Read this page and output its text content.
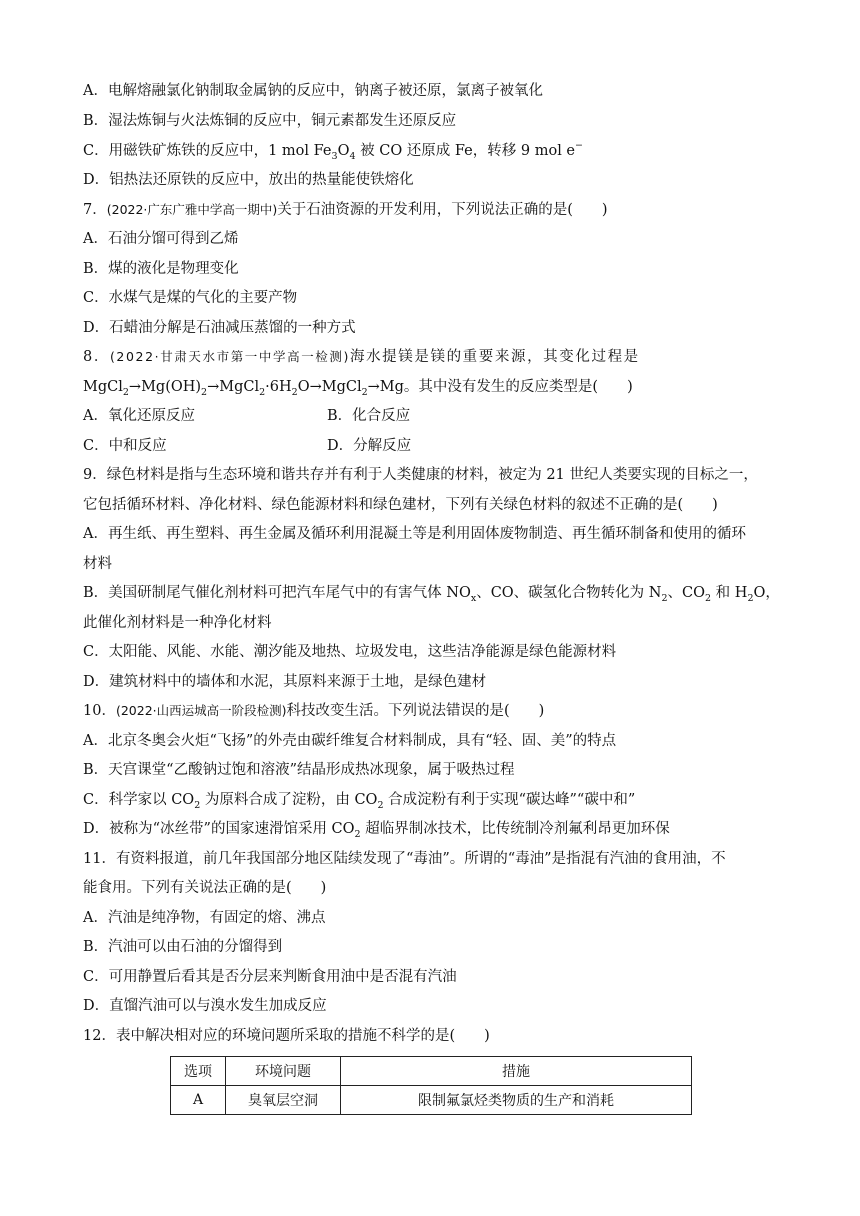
A．电解熔融氯化钠制取金属钠的反应中，钠离子被还原，氯离子被氧化
B．湿法炼铜与火法炼铜的反应中，铜元素都发生还原反应
C．用磁铁矿炼铁的反应中，1 mol $Fe_3O_4$ 被 CO 还原成 Fe，转移 9 mol e−
D．铝热法还原铁的反应中，放出的热量能使铁熔化
7．(2022·广东广雅中学高一期中)关于石油资源的开发利用，下列说法正确的是(　　)
A．石油分馏可得到乙烯
B．煤的液化是物理变化
C．水煤气是煤的气化的主要产物
D．石蜡油分解是石油减压蒸馏的一种方式
8．(2022·甘肃天水市第一中学高一检测)海水提镁是镁的重要来源，其变化过程是
$MgCl_2\to Mg(OH)_2\to MgCl_2\cdot 6H_2O\to MgCl_2\to Mg$。其中没有发生的反应类型是(　　)
A．氧化还原反应	B．化合反应
C．中和反应	D．分解反应
9．绿色材料是指与生态环境和谐共存并有利于人类健康的材料，被定为 21 世纪人类要实现的目标之一，
它包括循环材料、净化材料、绿色能源材料和绿色建材，下列有关绿色材料的叙述不正确的是(　　)
A．再生纸、再生塑料、再生金属及循环利用混凝土等是利用固体废物制造、再生循环制备和使用的循环
材料
B．美国研制尾气催化剂材料可把汽车尾气中的有害气体 $NO_x$、CO、碳氢化合物转化为 $N_2$、$CO_2$ 和 $H_2O$，
此催化剂材料是一种净化材料
C．太阳能、风能、水能、潮汐能及地热、垃圾发电，这些洁净能源是绿色能源材料
D．建筑材料中的墙体和水泥，其原料来源于土地，是绿色建材
10．(2022·山西运城高一阶段检测)科技改变生活。下列说法错误的是(　　)
A．北京冬奥会火炬“飞扬”的外壳由碳纤维复合材料制成，具有“轻、固、美”的特点
B．天宫课堂“乙酸钠过饱和溶液”结晶形成热冰现象，属于吸热过程
C．科学家以 $CO_2$ 为原料合成了淀粉，由 $CO_2$ 合成淀粉有利于实现“碳达峰”“碳中和”
D．被称为“冰丝带”的国家速滑馆采用 $CO_2$ 超临界制冰技术，比传统制冷剂氟利昂更加环保
11．有资料报道，前几年我国部分地区陆续发现了“毒油”。所谓的“毒油”是指混有汽油的食用油，不
能食用。下列有关说法正确的是(　　)
A．汽油是纯净物，有固定的熔、沸点
B．汽油可以由石油的分馏得到
C．可用静置后看其是否分层来判断食用油中是否混有汽油
D．直馏汽油可以与溴水发生加成反应
12．表中解决相对应的环境问题所采取的措施不科学的是(　　)
选项	环境问题	措施
A	臭氧层空洞	限制氟氯烃类物质的生产和消耗
